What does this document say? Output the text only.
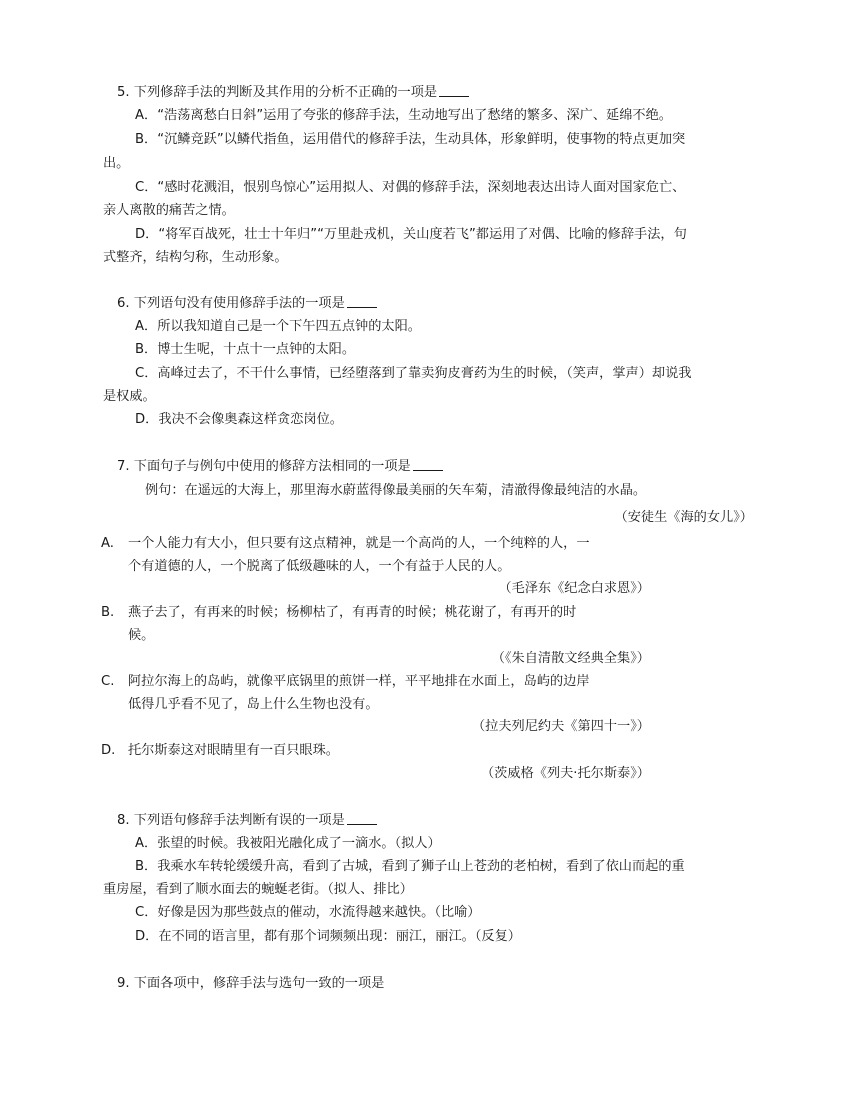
5. 下列修辞手法的判断及其作用的分析不正确的一项是
A．“浩荡离愁白日斜”运用了夸张的修辞手法，生动地写出了愁绪的繁多、深广、延绵不绝。
B．“沉鳞竞跃”以鳞代指鱼，运用借代的修辞手法，生动具体，形象鲜明，使事物的特点更加突
出。
C．“感时花溅泪，恨别鸟惊心”运用拟人、对偶的修辞手法，深刻地表达出诗人面对国家危亡、
亲人离散的痛苦之情。
D．“将军百战死，壮士十年归”“万里赴戎机，关山度若飞”都运用了对偶、比喻的修辞手法，句
式整齐，结构匀称，生动形象。
6. 下列语句没有使用修辞手法的一项是
A．所以我知道自己是一个下午四五点钟的太阳。
B．博士生呢，十点十一点钟的太阳。
C．高峰过去了，不干什么事情，已经堕落到了靠卖狗皮膏药为生的时候，（笑声，掌声）却说我
是权威。
D．我决不会像奥森这样贪恋岗位。
7. 下面句子与例句中使用的修辞方法相同的一项是
例句：在遥远的大海上，那里海水蔚蓝得像最美丽的矢车菊，清澈得像最纯洁的水晶。
（安徒生《海的女儿》）
A. 一个人能力有大小，但只要有这点精神，就是一个高尚的人，一个纯粹的人，一
个有道德的人，一个脱离了低级趣味的人，一个有益于人民的人。
（毛泽东《纪念白求恩》）
B. 燕子去了，有再来的时候；杨柳枯了，有再青的时候；桃花谢了，有再开的时
候。
（《朱自清散文经典全集》）
C. 阿拉尔海上的岛屿，就像平底锅里的煎饼一样，平平地排在水面上，岛屿的边岸
低得几乎看不见了，岛上什么生物也没有。
（拉夫列尼约夫《第四十一》）
D. 托尔斯泰这对眼睛里有一百只眼珠。
（茨威格《列夫·托尔斯泰》）
8. 下列语句修辞手法判断有误的一项是
A．张望的时候。我被阳光融化成了一滴水。（拟人）
B．我乘水车转轮缓缓升高，看到了古城，看到了狮子山上苍劲的老柏树，看到了依山而起的重
重房屋，看到了顺水面去的蜿蜒老街。（拟人、排比）
C．好像是因为那些鼓点的催动，水流得越来越快。（比喻）
D．在不同的语言里，都有那个词频频出现：丽江，丽江。（反复）
9. 下面各项中，修辞手法与选句一致的一项是
